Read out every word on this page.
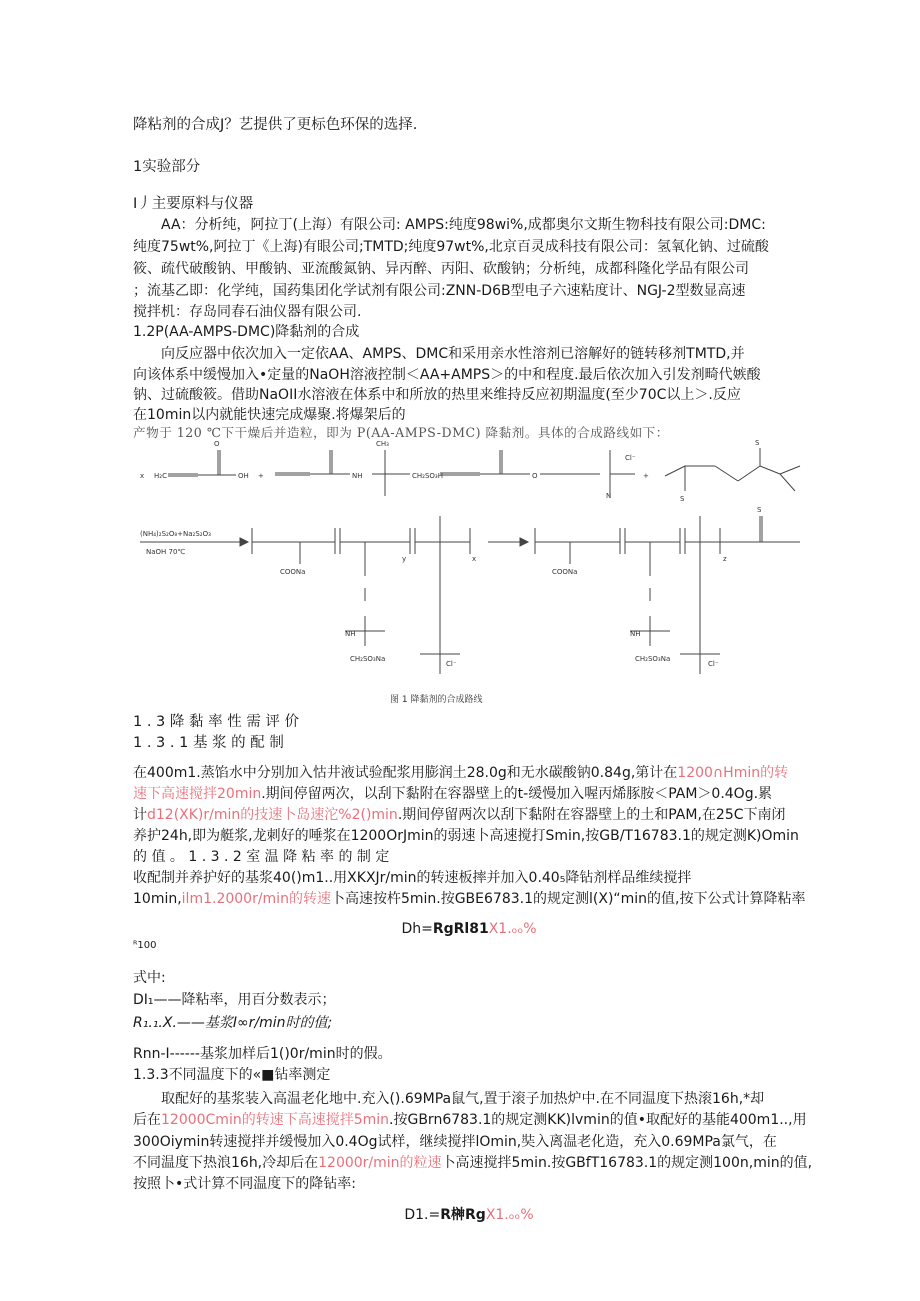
降粘剂的合成J？艺提供了更标色环保的选择.
1实验部分
I丿主要原料与仪器
AA：分析纯，阿拉丁(上海）有限公司: AMPS:纯度98wi%,成都奥尔文斯生物科技有限公司:DMC:
纯度75wt%,阿拉丁《上海)有眼公司;TMTD;纯度97wt%,北京百灵成科技有限公司：氢氧化钠、过硫酸
筱、疏代破酸钠、甲酸钠、亚流酸氮钠、异丙醉、丙阳、砍酸钠；分析纯，成都科隆化学品有限公司
；流基乙即：化学纯，国药集团化学试剂有限公司:ZNN-D6B型电子六速粘度计、NGJ-2型数显高速
搅拌机：存岛同春石油仪器有限公司.
1.2P(AA-AMPS-DMC)降黏剂的合成
向反应器中依次加入一定依AA、AMPS、DMC和采用亲水性溶剂已溶解好的链转移剂TMTD,并
向该体系中缓慢加入•定量的NaOH溶液控制＜AA+AMPS＞的中和程度.最后依次加入引发剂畸代嫉酸
钠、过硫酸筱。借助NaOII水溶液在体系中和所放的热里来维持反应初期温度(至少70C以上＞.反应
在10min以内就能快速完成爆聚.将爆架后的
产物于 120 ℃下干燥后并造粒，即为 P(AA-AMPS-DMC) 降黏剂。具体的合成路线如下：
x H₂C
O
OH +	NH
CH₃
CH₂SO₃H	O
N
Cl⁻
+
S
S
(NH₄)₂S₂O₈+Na₂S₂O₃
NaOH 70℃
COONa
NH
CH₂SO₃Na
y	x
Cl⁻
COONa
NH
CH₂SO₃Na
z
S
Cl⁻
图 1 降黏剂的合成路线
1 . 3 降 黏 率 性 需 评 价
1 . 3 . 1 基 浆 的 配 制
在400m1.蒸馅水中分别加入怙井液试验配浆用膨润土28.0g和无水碳酸钠0.84g,第计在1200∩Hmin的转
速下高速搅拌20min.期间停留两次，以刮下黏附在容器壁上的t-缓慢加入喔丙烯豚胺＜PAM＞0.4Og.累
计d12(XK)r/min的技速卜岛速沱%2()min.期间停留两次以刮下黏附在容器壁上的土和PAM,在25C下南闭
养护24h,即为艇浆,龙刺好的唾浆在1200OrJmin的弱速卜高速搅打Smin,按GB/T16783.1的规定测K)Omin
的 值 。 1 . 3 . 2 室 温 降 粘 率 的 制 定
收配制并养护好的基浆40()m1..用XKXJr/min的转速板摔并加入0.40₅降钻剂样品维续搅拌
10min,ilm1.2000r/min的转速卜高速按杵5min.按GBE6783.1的规定测l(X)“min的值,按下公式计算降粘率
Dh=RgRl81X1.ₒₒ%
ᴿ100
式中:
DI₁——降粘率，用百分数表示；
R₁.₁.X.——基浆I∞r/min时的值;
Rnn-I------基浆加样后1()0r/min时的假。
1.3.3不同温度下的«■钻率测定
取配好的基浆装入高温老化地中.充入().69MPa鼠气,置于滚子加热炉中.在不同温度下热滚16h,*却
后在12000Cmin的转速下高速搅拌5min.按GBrn6783.1的规定测KK)lvmin的值•取配好的基能400m1..,用
300Oiymin转速搅拌并缓慢加入0.4Og试样，继续搅拌lOmin,奘入离温老化造，充入0.69MPa氯气，在
不同温度下热浪16h,冷却后在12000r/min的粒速卜高速搅拌5min.按GBfT16783.1的规定测100n,min的值,
按照卜•式计算不同温度下的降钻率:
D1.=R榊RgX1.ₒₒ%
